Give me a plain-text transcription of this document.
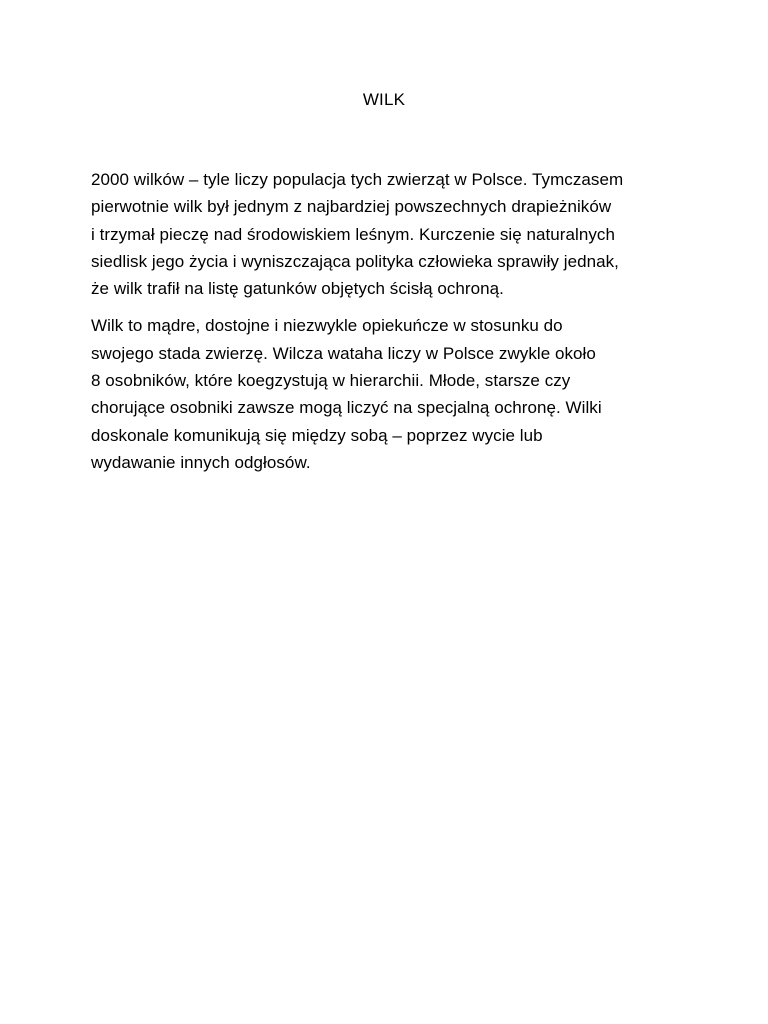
WILK

2000 wilków – tyle liczy populacja tych zwierząt w Polsce. Tymczasem
pierwotnie wilk był jednym z najbardziej powszechnych drapieżników
i trzymał pieczę nad środowiskiem leśnym. Kurczenie się naturalnych
siedlisk jego życia i wyniszczająca polityka człowieka sprawiły jednak,
że wilk trafił na listę gatunków objętych ścisłą ochroną.

Wilk to mądre, dostojne i niezwykle opiekuńcze w stosunku do
swojego stada zwierzę. Wilcza wataha liczy w Polsce zwykle około
8 osobników, które koegzystują w hierarchii. Młode, starsze czy
chorujące osobniki zawsze mogą liczyć na specjalną ochronę. Wilki
doskonale komunikują się między sobą – poprzez wycie lub
wydawanie innych odgłosów.
